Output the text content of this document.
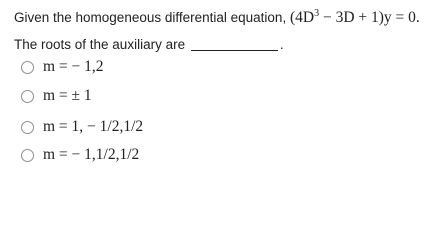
Given the homogeneous differential equation, $(4D^3 - 3D + 1)y = 0$.
The roots of the auxiliary are	.
m = − 1,2
m = ± 1
m = 1, − 1/2,1/2
m = − 1,1/2,1/2
